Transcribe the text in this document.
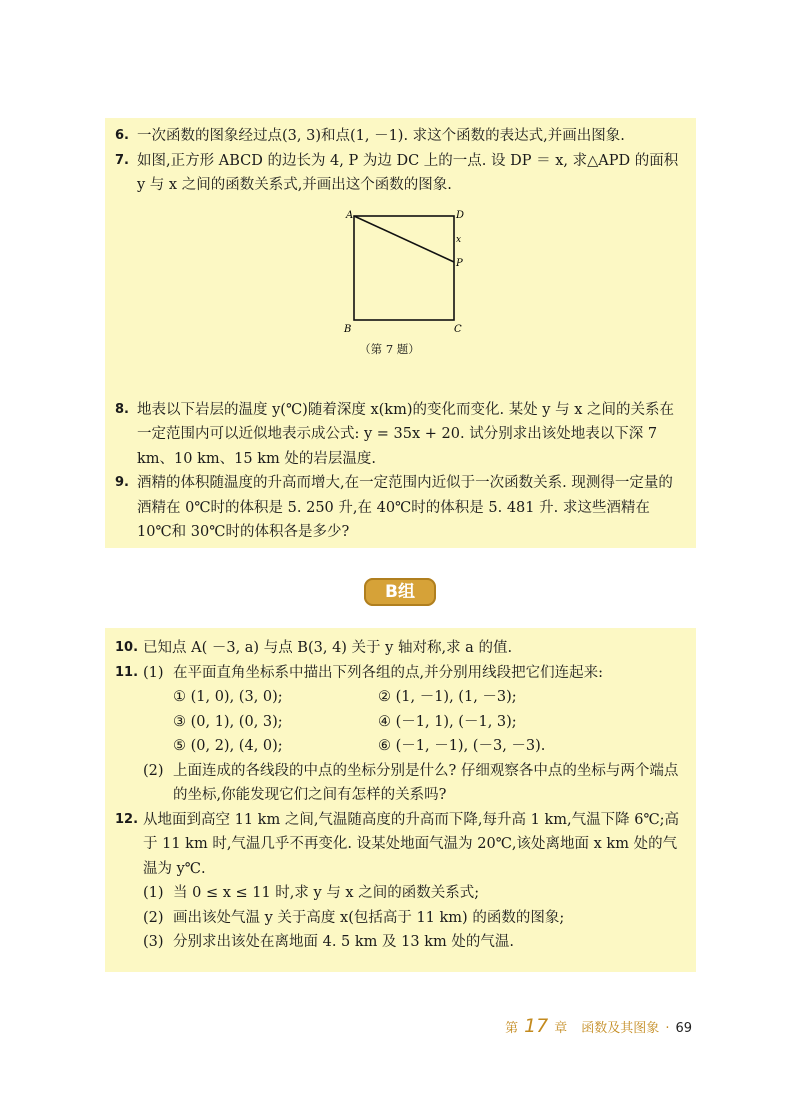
6. 一次函数的图象经过点(3, 3)和点(1, －1). 求这个函数的表达式,并画出图象.
7. 如图,正方形 ABCD 的边长为 4, P 为边 DC 上的一点. 设 DP ＝ x, 求△APD 的面积 y 与 x 之间的函数关系式,并画出这个函数的图象.
A	D
x
P
B	C
（第 7 题）
8. 地表以下岩层的温度 y(℃)随着深度 x(km)的变化而变化. 某处 y 与 x 之间的关系在一定范围内可以近似地表示成公式: y = 35x + 20. 试分别求出该处地表以下深 7 km、10 km、15 km 处的岩层温度.
9. 酒精的体积随温度的升高而增大,在一定范围内近似于一次函数关系. 现测得一定量的酒精在 0℃时的体积是 5. 250 升,在 40℃时的体积是 5. 481 升. 求这些酒精在 10℃和 30℃时的体积各是多少?
B组
10. 已知点 A( －3, a) 与点 B(3, 4) 关于 y 轴对称,求 a 的值.
11. (1) 在平面直角坐标系中描出下列各组的点,并分别用线段把它们连起来:
① (1, 0), (3, 0);	② (1, －1), (1, －3);
③ (0, 1), (0, 3);	④ (－1, 1), (－1, 3);
⑤ (0, 2), (4, 0);	⑥ (－1, －1), (－3, －3).
(2) 上面连成的各线段的中点的坐标分别是什么? 仔细观察各中点的坐标与两个端点的坐标,你能发现它们之间有怎样的关系吗?
12. 从地面到高空 11 km 之间,气温随高度的升高而下降,每升高 1 km,气温下降 6℃;高于 11 km 时,气温几乎不再变化. 设某处地面气温为 20℃,该处离地面 x km 处的气温为 y℃.
(1) 当 0 ≤ x ≤ 11 时,求 y 与 x 之间的函数关系式;
(2) 画出该处气温 y 关于高度 x(包括高于 11 km) 的函数的图象;
(3) 分别求出该处在离地面 4. 5 km 及 13 km 处的气温.
第 17 章 函数及其图象 · 69
